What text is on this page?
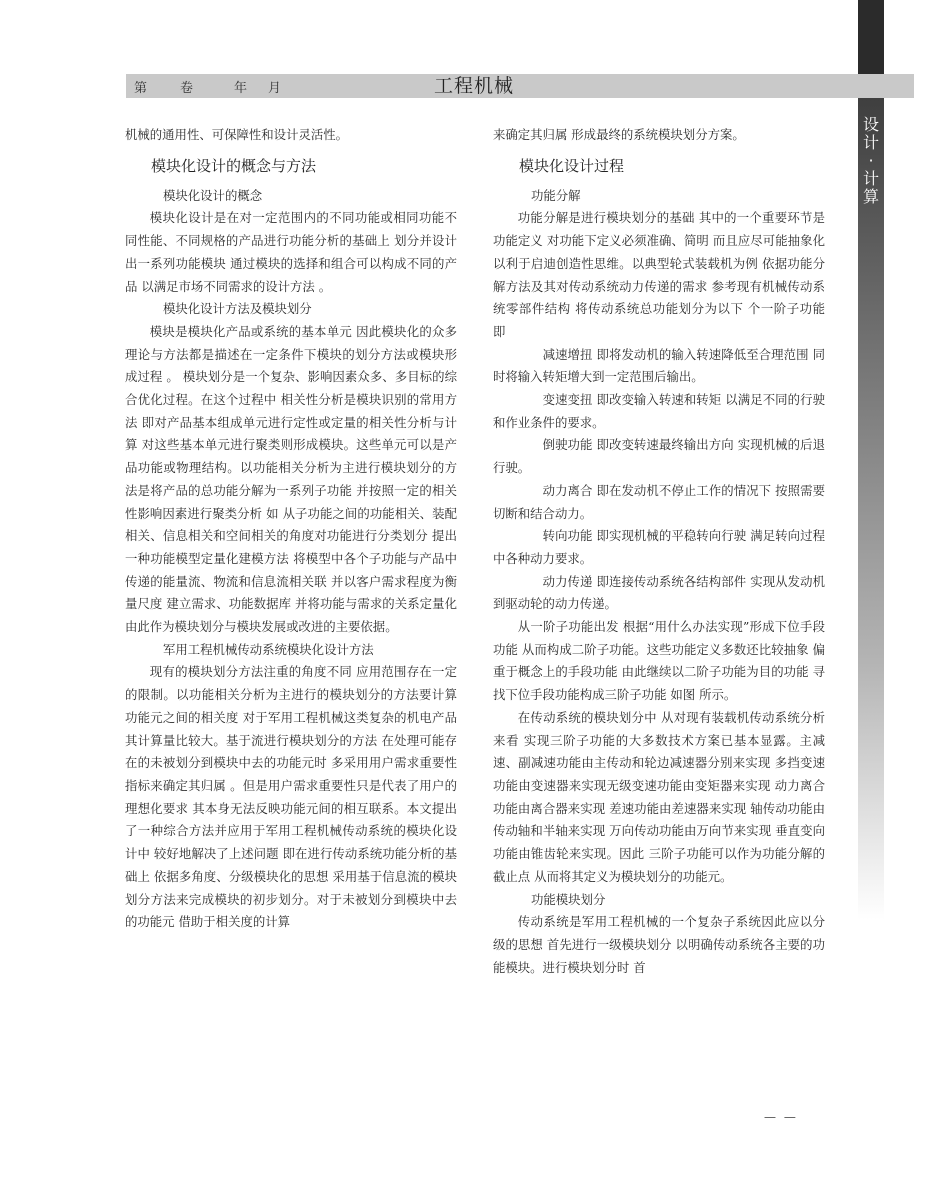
设
计
·
计
算
第	卷	年 月	工程机械

机械的通用性、可保障性和设计灵活性。

模块化设计的概念与方法
模块化设计的概念

模块化设计是在对一定范围内的不同功能或相同功能不同性能、不同规格的产品进行功能分析的基础上 划分并设计出一系列功能模块 通过模块的选择和组合可以构成不同的产品 以满足市场不同需求的设计方法 。

模块化设计方法及模块划分

模块是模块化产品或系统的基本单元 因此模块化的众多理论与方法都是描述在一定条件下模块的划分方法或模块形成过程 。 模块划分是一个复杂、影响因素众多、多目标的综合优化过程。在这个过程中 相关性分析是模块识别的常用方法 即对产品基本组成单元进行定性或定量的相关性分析与计算 对这些基本单元进行聚类则形成模块。这些单元可以是产品功能或物理结构。以功能相关分析为主进行模块划分的方法是将产品的总功能分解为一系列子功能 并按照一定的相关性影响因素进行聚类分析 如 从子功能之间的功能相关、装配相关、信息相关和空间相关的角度对功能进行分类划分 提出一种功能模型定量化建模方法 将模型中各个子功能与产品中传递的能量流、物流和信息流相关联 并以客户需求程度为衡量尺度 建立需求、功能数据库 并将功能与需求的关系定量化由此作为模块划分与模块发展或改进的主要依据。

军用工程机械传动系统模块化设计方法

现有的模块划分方法注重的角度不同 应用范围存在一定的限制。以功能相关分析为主进行的模块划分的方法要计算功能元之间的相关度 对于军用工程机械这类复杂的机电产品 其计算量比较大。基于流进行模块划分的方法 在处理可能存在的未被划分到模块中去的功能元时 多采用用户需求重要性指标来确定其归属 。但是用户需求重要性只是代表了用户的理想化要求 其本身无法反映功能元间的相互联系。本文提出了一种综合方法并应用于军用工程机械传动系统的模块化设计中 较好地解决了上述问题 即在进行传动系统功能分析的基础上 依据多角度、分级模块化的思想 采用基于信息流的模块划分方法来完成模块的初步划分。对于未被划分到模块中去的功能元 借助于相关度的计算

来确定其归属 形成最终的系统模块划分方案。

模块化设计过程
功能分解

功能分解是进行模块划分的基础 其中的一个重要环节是功能定义 对功能下定义必须准确、简明 而且应尽可能抽象化 以利于启迪创造性思维。以典型轮式装载机为例 依据功能分解方法及其对传动系统动力传递的需求 参考现有机械传动系统零部件结构 将传动系统总功能划分为以下 个一阶子功能 即

减速增扭 即将发动机的输入转速降低至合理范围 同时将输入转矩增大到一定范围后输出。

变速变扭 即改变输入转速和转矩 以满足不同的行驶和作业条件的要求。

倒驶功能 即改变转速最终输出方向 实现机械的后退行驶。

动力离合 即在发动机不停止工作的情况下 按照需要切断和结合动力。

转向功能 即实现机械的平稳转向行驶 满足转向过程中各种动力要求。

动力传递 即连接传动系统各结构部件 实现从发动机到驱动轮的动力传递。

从一阶子功能出发 根据“用什么办法实现”形成下位手段功能 从而构成二阶子功能。这些功能定义多数还比较抽象 偏重于概念上的手段功能 由此继续以二阶子功能为目的功能 寻找下位手段功能构成三阶子功能 如图 所示。

在传动系统的模块划分中 从对现有装载机传动系统分析来看 实现三阶子功能的大多数技术方案已基本显露。主减速、副减速功能由主传动和轮边减速器分别来实现 多挡变速功能由变速器来实现无级变速功能由变矩器来实现 动力离合功能由离合器来实现 差速功能由差速器来实现 轴传动功能由传动轴和半轴来实现 万向传动功能由万向节来实现 垂直变向功能由锥齿轮来实现。因此 三阶子功能可以作为功能分解的截止点 从而将其定义为模块划分的功能元。

功能模块划分

传动系统是军用工程机械的一个复杂子系统因此应以分级的思想 首先进行一级模块划分 以明确传动系统各主要的功能模块。进行模块划分时 首

— —
